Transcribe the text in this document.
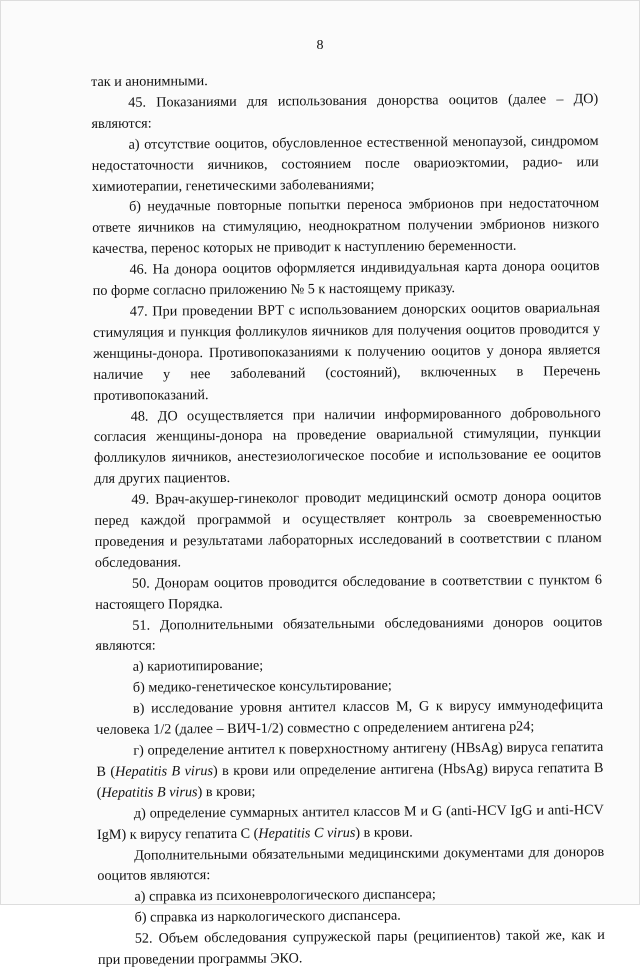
8

так и анонимными.

45. Показаниями для использования донорства ооцитов (далее – ДО) являются:

а) отсутствие ооцитов, обусловленное естественной менопаузой, синдромом недостаточности яичников, состоянием после овариоэктомии, радио- или химиотерапии, генетическими заболеваниями;

б) неудачные повторные попытки переноса эмбрионов при недостаточном ответе яичников на стимуляцию, неоднократном получении эмбрионов низкого качества, перенос которых не приводит к наступлению беременности.

46. На донора ооцитов оформляется индивидуальная карта донора ооцитов по форме согласно приложению № 5 к настоящему приказу.

47. При проведении ВРТ с использованием донорских ооцитов овариальная стимуляция и пункция фолликулов яичников для получения ооцитов проводится у женщины-донора. Противопоказаниями к получению ооцитов у донора является наличие у нее заболеваний (состояний), включенных в Перечень противопоказаний.

48. ДО осуществляется при наличии информированного добровольного согласия женщины-донора на проведение овариальной стимуляции, пункции фолликулов яичников, анестезиологическое пособие и использование ее ооцитов для других пациентов.

49. Врач-акушер-гинеколог проводит медицинский осмотр донора ооцитов перед каждой программой и осуществляет контроль за своевременностью проведения и результатами лабораторных исследований в соответствии с планом обследования.

50. Донорам ооцитов проводится обследование в соответствии с пунктом 6 настоящего Порядка.

51. Дополнительными обязательными обследованиями доноров ооцитов являются:

а) кариотипирование;

б) медико-генетическое консультирование;

в) исследование уровня антител классов M, G к вирусу иммунодефицита человека 1/2 (далее – ВИЧ-1/2) совместно с определением антигена p24;

г) определение антител к поверхностному антигену (HBsAg) вируса гепатита B (Hepatitis B virus) в крови или определение антигена (HbsAg) вируса гепатита B (Hepatitis B virus) в крови;

д) определение суммарных антител классов M и G (anti-HCV IgG и anti-HCV IgM) к вирусу гепатита C (Hepatitis C virus) в крови.

Дополнительными обязательными медицинскими документами для доноров ооцитов являются:

а) справка из психоневрологического диспансера;

б) справка из наркологического диспансера.

52. Объем обследования супружеской пары (реципиентов) такой же, как и при проведении программы ЭКО.
